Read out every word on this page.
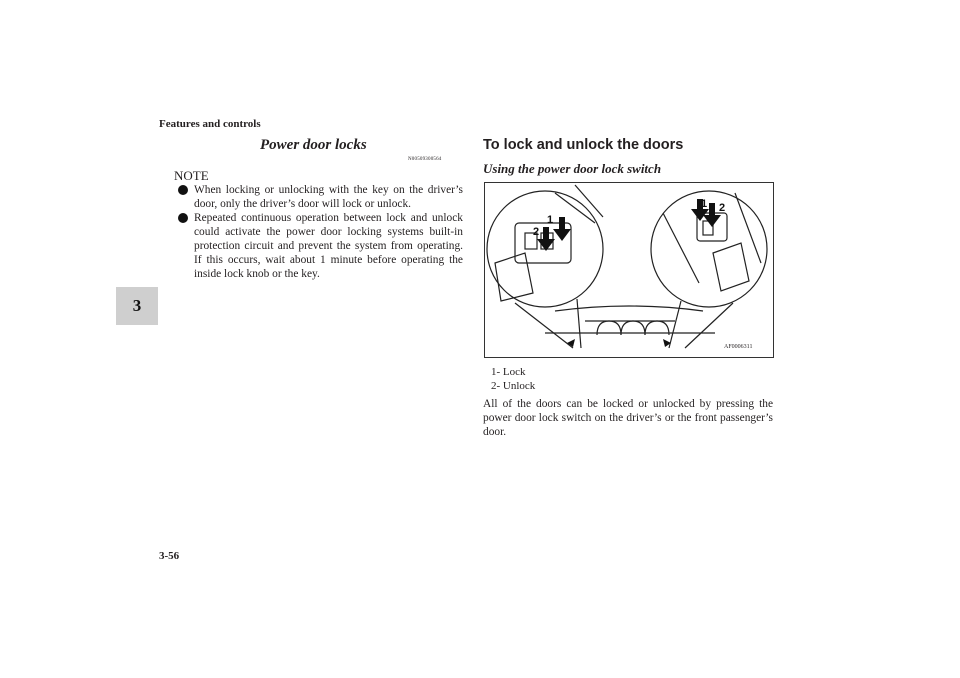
Features and controls
3
Power door locks
N00509300564
NOTE
When locking or unlocking with the key on the driver’s door, only the driver’s door will lock or unlock.
Repeated continuous operation between lock and unlock could activate the power door locking systems built-in protection circuit and prevent the system from operating. If this occurs, wait about 1 minute before operating the inside lock knob or the key.
To lock and unlock the doors
Using the power door lock switch
1
2
1 2
AF0006311
1- Lock
2- Unlock
All of the doors can be locked or unlocked by pressing the power door lock switch on the driver’s or the front passenger’s door.
3-56
